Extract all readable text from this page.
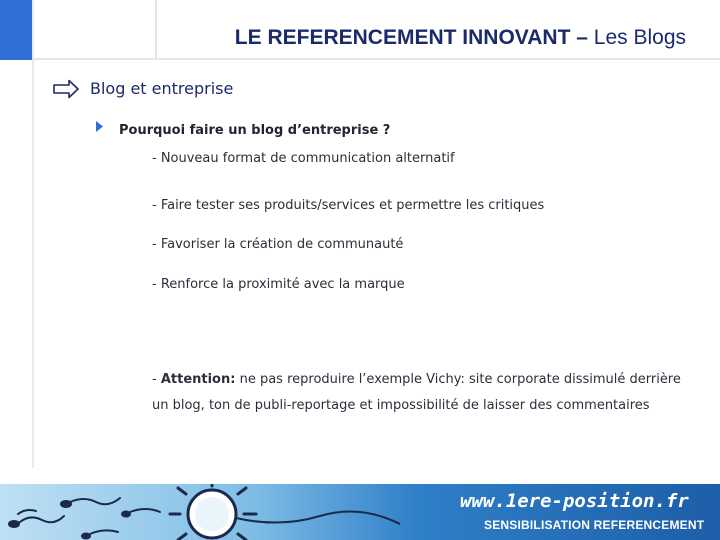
LE REFERENCEMENT INNOVANT – Les Blogs
Blog et entreprise
Pourquoi faire un blog d’entreprise ?
- Nouveau format de communication alternatif
- Faire tester ses produits/services et permettre les critiques
- Favoriser la création de communauté
- Renforce la proximité avec la marque
- Attention: ne pas reproduire l’exemple Vichy: site corporate dissimulé derrière un blog, ton de publi-reportage et impossibilité de laisser des commentaires
www.1ere-position.fr
SENSIBILISATION REFERENCEMENT
